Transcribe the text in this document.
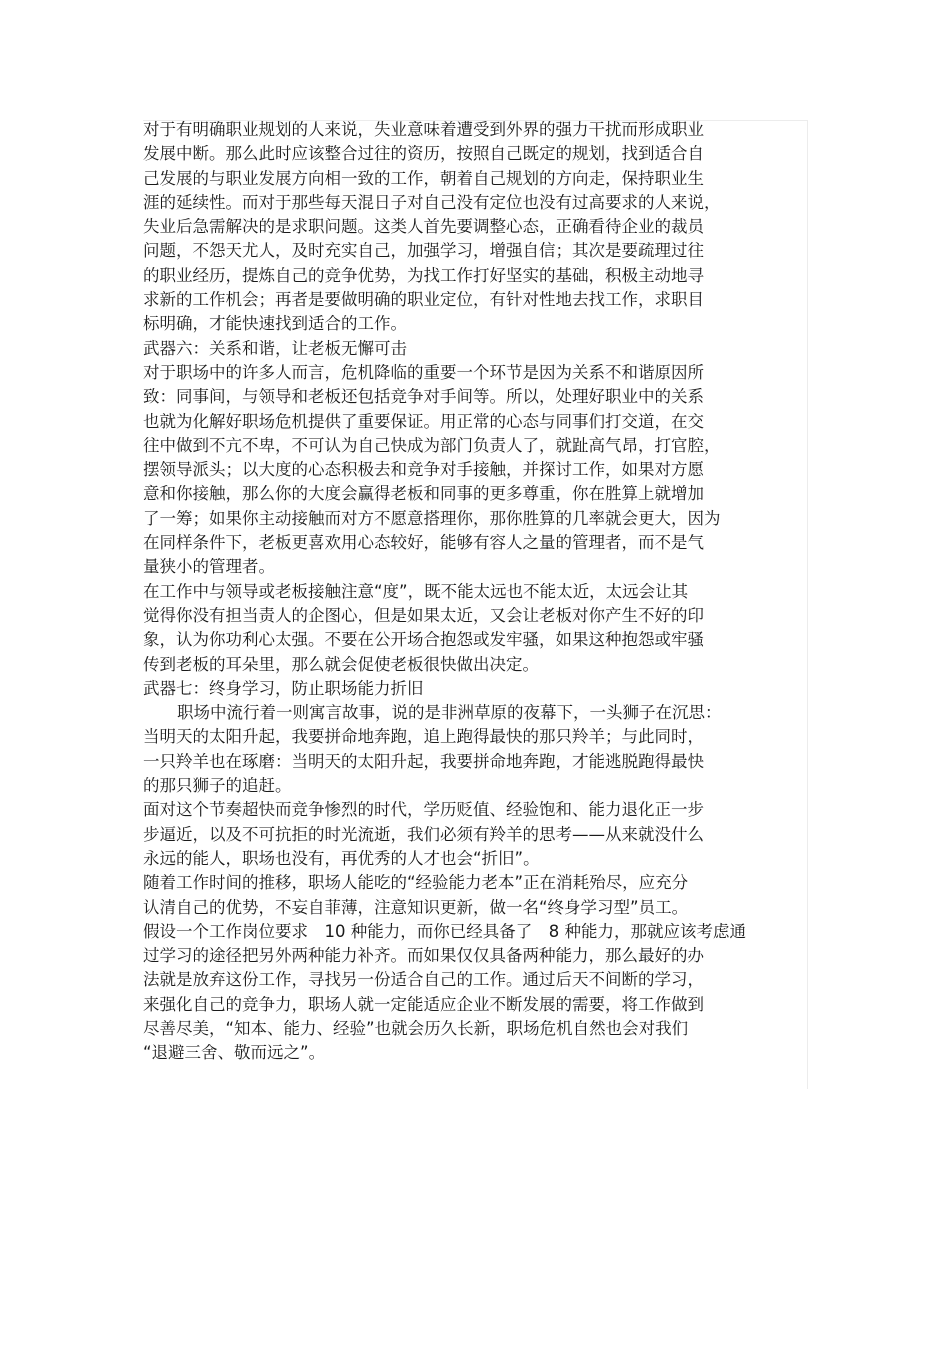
对于有明确职业规划的人来说，失业意味着遭受到外界的强力干扰而形成职业
发展中断。那么此时应该整合过往的资历，按照自己既定的规划，找到适合自
己发展的与职业发展方向相一致的工作，朝着自己规划的方向走，保持职业生
涯的延续性。而对于那些每天混日子对自己没有定位也没有过高要求的人来说，
失业后急需解决的是求职问题。这类人首先要调整心态，正确看待企业的裁员
问题，不怨天尤人，及时充实自己，加强学习，增强自信；其次是要疏理过往
的职业经历，提炼自己的竞争优势，为找工作打好坚实的基础，积极主动地寻
求新的工作机会；再者是要做明确的职业定位，有针对性地去找工作，求职目
标明确，才能快速找到适合的工作。
武器六：关系和谐，让老板无懈可击
对于职场中的许多人而言，危机降临的重要一个环节是因为关系不和谐原因所
致：同事间，与领导和老板还包括竞争对手间等。所以，处理好职业中的关系
也就为化解好职场危机提供了重要保证。用正常的心态与同事们打交道，在交
往中做到不亢不卑，不可认为自己快成为部门负责人了，就趾高气昂，打官腔，
摆领导派头；以大度的心态积极去和竞争对手接触，并探讨工作，如果对方愿
意和你接触，那么你的大度会赢得老板和同事的更多尊重，你在胜算上就增加
了一筹；如果你主动接触而对方不愿意搭理你，那你胜算的几率就会更大，因为
在同样条件下，老板更喜欢用心态较好，能够有容人之量的管理者，而不是气
量狭小的管理者。
在工作中与领导或老板接触注意“度”，既不能太远也不能太近，太远会让其
觉得你没有担当责人的企图心，但是如果太近，又会让老板对你产生不好的印
象，认为你功利心太强。不要在公开场合抱怨或发牢骚，如果这种抱怨或牢骚
传到老板的耳朵里，那么就会促使老板很快做出决定。
武器七：终身学习，防止职场能力折旧
职场中流行着一则寓言故事，说的是非洲草原的夜幕下，一头狮子在沉思：
当明天的太阳升起，我要拼命地奔跑，追上跑得最快的那只羚羊；与此同时，
一只羚羊也在琢磨：当明天的太阳升起，我要拼命地奔跑，才能逃脱跑得最快
的那只狮子的追赶。
面对这个节奏超快而竞争惨烈的时代，学历贬值、经验饱和、能力退化正一步
步逼近，以及不可抗拒的时光流逝，我们必须有羚羊的思考——从来就没什么
永远的能人，职场也没有，再优秀的人才也会“折旧”。
随着工作时间的推移，职场人能吃的“经验能力老本”正在消耗殆尽，应充分
认清自己的优势，不妄自菲薄，注意知识更新，做一名“终身学习型”员工。
假设一个工作岗位要求　10 种能力，而你已经具备了　8 种能力，那就应该考虑通
过学习的途径把另外两种能力补齐。而如果仅仅具备两种能力，那么最好的办
法就是放弃这份工作，寻找另一份适合自己的工作。通过后天不间断的学习，
来强化自己的竞争力，职场人就一定能适应企业不断发展的需要，将工作做到
尽善尽美，“知本、能力、经验”也就会历久长新，职场危机自然也会对我们
“退避三舍、敬而远之”。
